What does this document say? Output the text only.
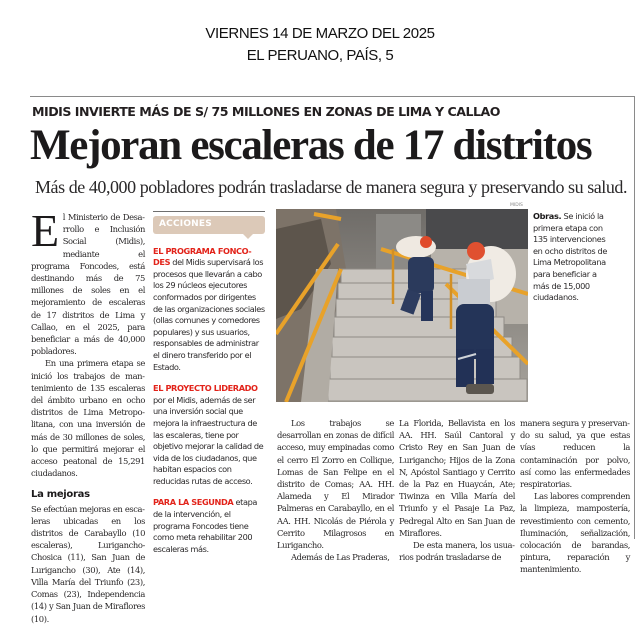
VIERNES 14 DE MARZO DEL 2025
EL PERUANO, PAÍS, 5
MIDIS INVIERTE MÁS DE S/ 75 MILLONES EN ZONAS DE LIMA Y CALLAO
Mejoran escaleras de 17 distritos
Más de 40,000 pobladores podrán trasladarse de manera segura y preservando su salud.
E l Ministerio de Desarrollo e Inclusión Social (Midis), mediante el programa Foncodes, está destinando más de 75 millones de soles en el mejoramiento de escaleras de 17 distritos de Lima y Callao, en el 2025, para beneficiar a más de 40,000 pobladores.

En una primera etapa se inició los trabajos de mantenimiento de 135 escaleras del ámbito urbano en ocho distritos de Lima Metropolitana, con una inversión de más de 30 millones de soles, lo que permitirá mejorar el acceso peatonal de 15,291 ciudadanos.

La mejoras

Se efectúan mejoras en escaleras ubicadas en los distritos de Carabayllo (10 escaleras), Lurigancho-Chosica (11), San Juan de Lurigancho (30), Ate (14), Villa María del Triunfo (23), Comas (23), Independencia (14) y San Juan de Miraflores (10).

ACCIONES

EL PROGRAMA FONCODES del Midis supervisará los procesos que llevarán a cabo los 29 núcleos ejecutores conformados por dirigentes de las organizaciones sociales (ollas comunes y comedores populares) y sus usuarios, responsables de administrar el dinero transferido por el Estado.

EL PROYECTO LIDERADO por el Midis, además de ser una inversión social que mejora la infraestructura de las escaleras, tiene por objetivo mejorar la calidad de vida de los ciudadanos, que habitan espacios con reducidas rutas de acceso.

PARA LA SEGUNDA etapa de la intervención, el programa Foncodes tiene como meta rehabilitar 200 escaleras más.

MIDIS
Obras. Se inició la primera etapa con 135 intervenciones en ocho distritos de Lima Metropolitana para beneficiar a más de 15,000 ciudadanos.

Los trabajos se desarrollan en zonas de difícil acceso, muy empinadas como el cerro El Zorro en Collique, Lomas de San Felipe en el distrito de Comas; AA. HH. Alameda y El Mirador Palmeras en Carabayllo, en el AA. HH. Nicolás de Piérola y Cerrito Milagrosos en Lurigancho.

Además de Las Praderas,

La Florida, Bellavista en los AA. HH. Saúl Cantoral y Cristo Rey en San Juan de Lurigancho; Hijos de la Zona N, Apóstol Santiago y Cerrito de la Paz en Huaycán, Ate; Tiwinza en Villa María del Triunfo y el Pasaje La Paz, Pedregal Alto en San Juan de Miraflores.

De esta manera, los usuarios podrán trasladarse de

manera segura y preservando su salud, ya que estas vías reducen la contaminación por polvo, así como las enfermеdades respiratorias.

Las labores comprenden la limpieza, mampostería, revestimiento con cemento, Iluminación, señalización, colocación de barandas, pintura, reparación y mantenimiento.
